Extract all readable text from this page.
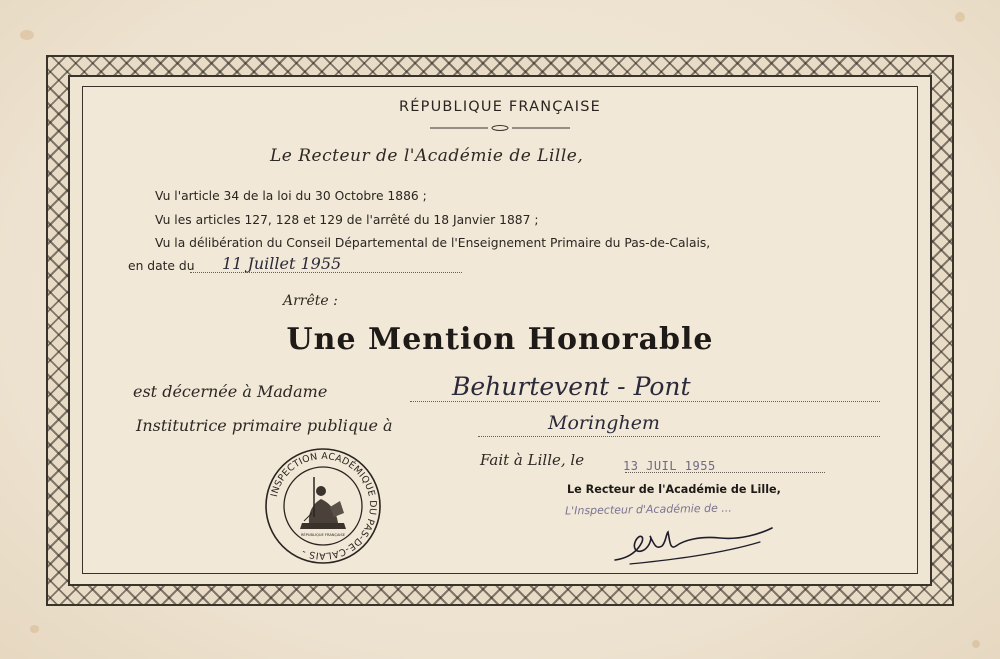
RÉPUBLIQUE FRANÇAISE
Le Recteur de l'Académie de Lille,
Vu l'article 34 de la loi du 30 Octobre 1886 ;
Vu les articles 127, 128 et 129 de l'arrêté du 18 Janvier 1887 ;
Vu la délibération du Conseil Départemental de l'Enseignement Primaire du Pas-de-Calais,
en date du 11 Juillet 1955
Arrête :
Une Mention Honorable
est décernée à Madame	Behurtevent - Pont
Institutrice primaire publique à	Moringhem
Fait à Lille, le	13 JUIL 1955
Le Recteur de l'Académie de Lille,
L'Inspecteur d'Académie de ...
INSPECTION ACADÉMIQUE DU PAS-DE-CALAIS -
RÉPUBLIQUE FRANÇAISE
